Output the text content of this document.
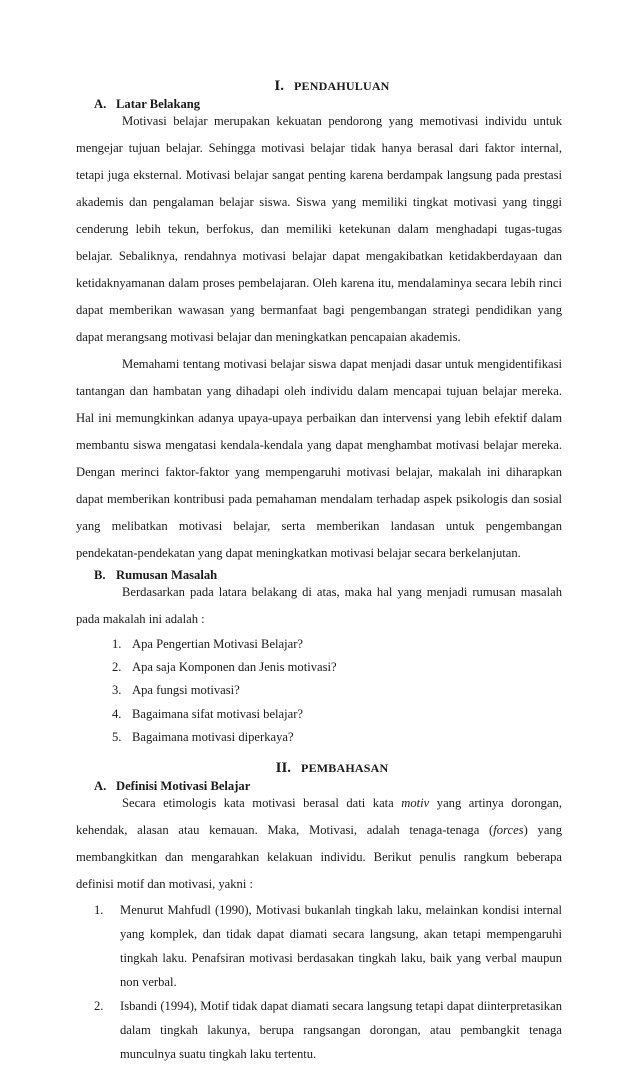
I. PENDAHULUAN
A. Latar Belakang

Motivasi belajar merupakan kekuatan pendorong yang memotivasi individu untuk mengejar tujuan belajar. Sehingga motivasi belajar tidak hanya berasal dari faktor internal, tetapi juga eksternal. Motivasi belajar sangat penting karena berdampak langsung pada prestasi akademis dan pengalaman belajar siswa. Siswa yang memiliki tingkat motivasi yang tinggi cenderung lebih tekun, berfokus, dan memiliki ketekunan dalam menghadapi tugas-tugas belajar. Sebaliknya, rendahnya motivasi belajar dapat mengakibatkan ketidakberdayaan dan ketidaknyamanan dalam proses pembelajaran. Oleh karena itu, mendalaminya secara lebih rinci dapat memberikan wawasan yang bermanfaat bagi pengembangan strategi pendidikan yang dapat merangsang motivasi belajar dan meningkatkan pencapaian akademis.

Memahami tentang motivasi belajar siswa dapat menjadi dasar untuk mengidentifikasi tantangan dan hambatan yang dihadapi oleh individu dalam mencapai tujuan belajar mereka. Hal ini memungkinkan adanya upaya-upaya perbaikan dan intervensi yang lebih efektif dalam membantu siswa mengatasi kendala-kendala yang dapat menghambat motivasi belajar mereka. Dengan merinci faktor-faktor yang mempengaruhi motivasi belajar, makalah ini diharapkan dapat memberikan kontribusi pada pemahaman mendalam terhadap aspek psikologis dan sosial yang melibatkan motivasi belajar, serta memberikan landasan untuk pengembangan pendekatan-pendekatan yang dapat meningkatkan motivasi belajar secara berkelanjutan.

B. Rumusan Masalah

Berdasarkan pada latara belakang di atas, maka hal yang menjadi rumusan masalah pada makalah ini adalah :

1. Apa Pengertian Motivasi Belajar?
2. Apa saja Komponen dan Jenis motivasi?
3. Apa fungsi motivasi?
4. Bagaimana sifat motivasi belajar?
5. Bagaimana motivasi diperkaya?
II. PEMBAHASAN
A. Definisi Motivasi Belajar

Secara etimologis kata motivasi berasal dati kata motiv yang artinya dorongan, kehendak, alasan atau kemauan. Maka, Motivasi, adalah tenaga-tenaga (forces) yang membangkitkan dan mengarahkan kelakuan individu. Berikut penulis rangkum beberapa definisi motif dan motivasi, yakni :

1. Menurut Mahfudl (1990), Motivasi bukanlah tingkah laku, melainkan kondisi internal yang komplek, dan tidak dapat diamati secara langsung, akan tetapi mempengaruhi tingkah laku. Penafsiran motivasi berdasakan tingkah laku, baik yang verbal maupun non verbal.
2. Isbandi (1994), Motif tidak dapat diamati secara langsung tetapi dapat diinterpretasikan dalam tingkah lakunya, berupa rangsangan dorongan, atau pembangkit tenaga munculnya suatu tingkah laku tertentu.
